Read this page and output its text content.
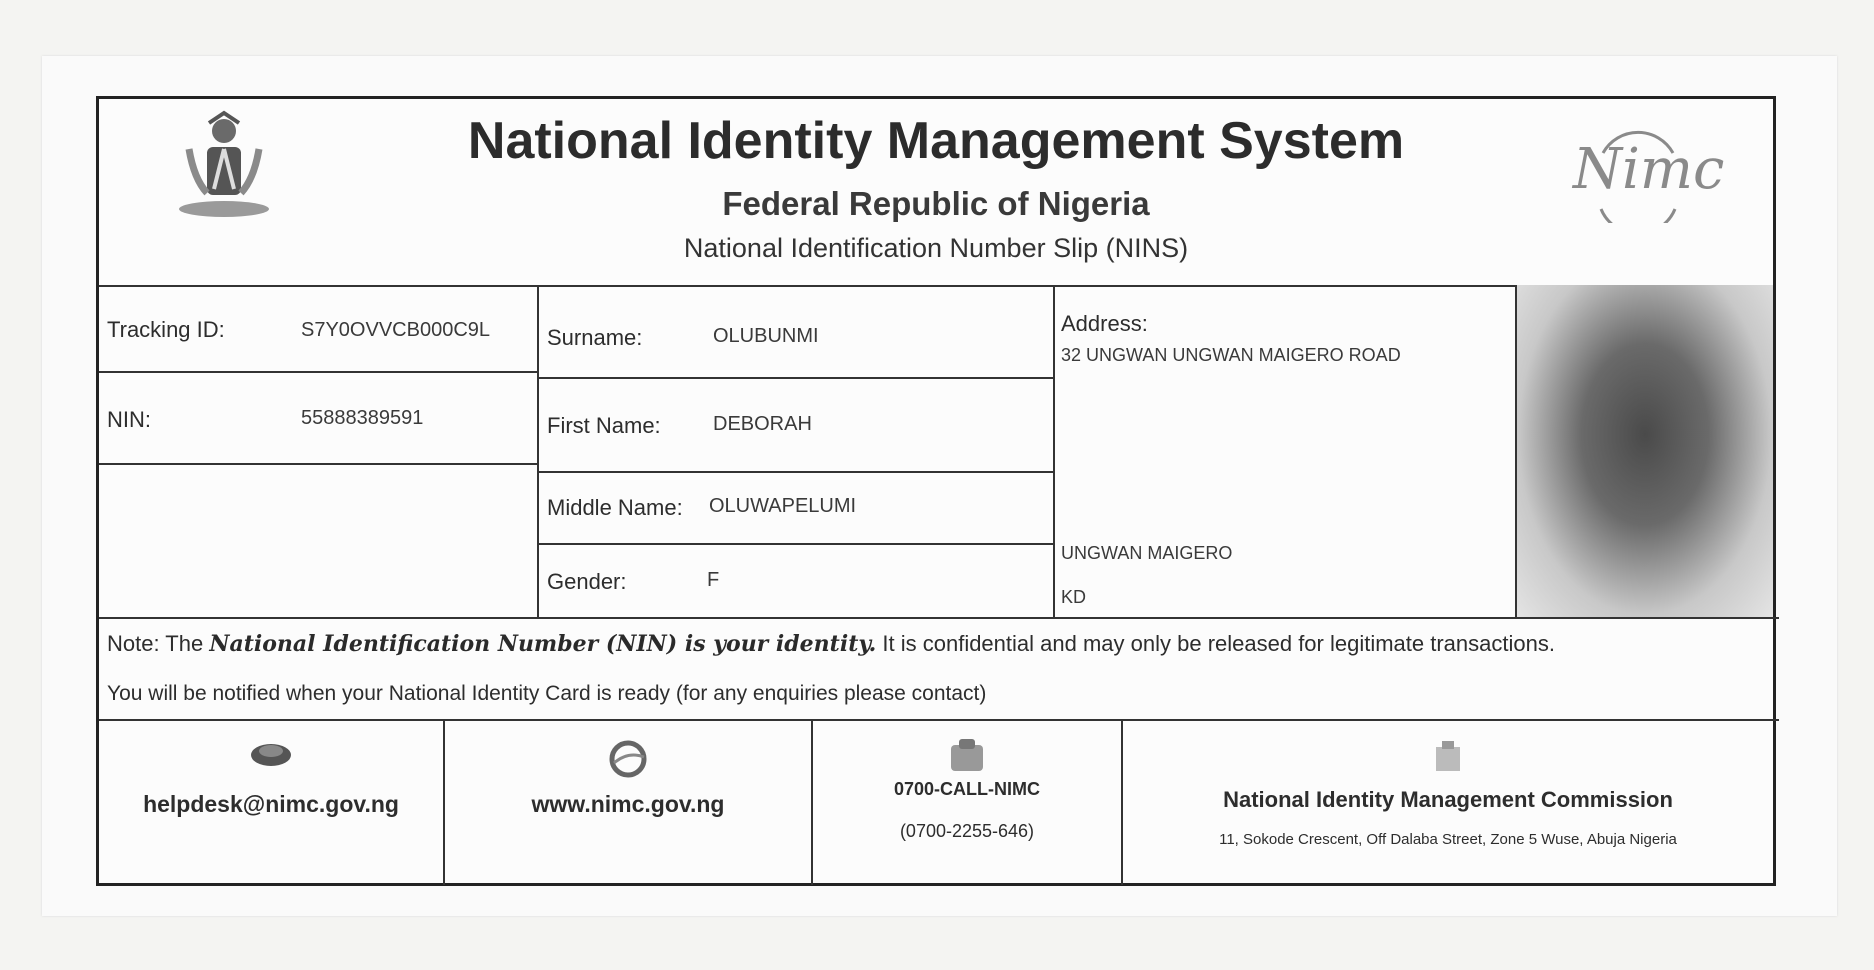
National Identity Management System
Federal Republic of Nigeria
National Identification Number Slip (NINS)
Nimc
Tracking ID:	S7Y0OVVCB000C9L
NIN:	55888389591
Surname:	OLUBUNMI
First Name:	DEBORAH
Middle Name: OLUWAPELUMI
Gender:	F
Address:
32 UNGWAN UNGWAN MAIGERO ROAD
UNGWAN MAIGERO
KD
Note: The National Identification Number (NIN) is your identity. It is confidential and may only be released for legitimate transactions.
You will be notified when your National Identity Card is ready (for any enquiries please contact)
helpdesk@nimc.gov.ng	www.nimc.gov.ng
0700-CALL-NIMC
(0700-2255-646)
National Identity Management Commission
11, Sokode Crescent, Off Dalaba Street, Zone 5 Wuse, Abuja Nigeria
